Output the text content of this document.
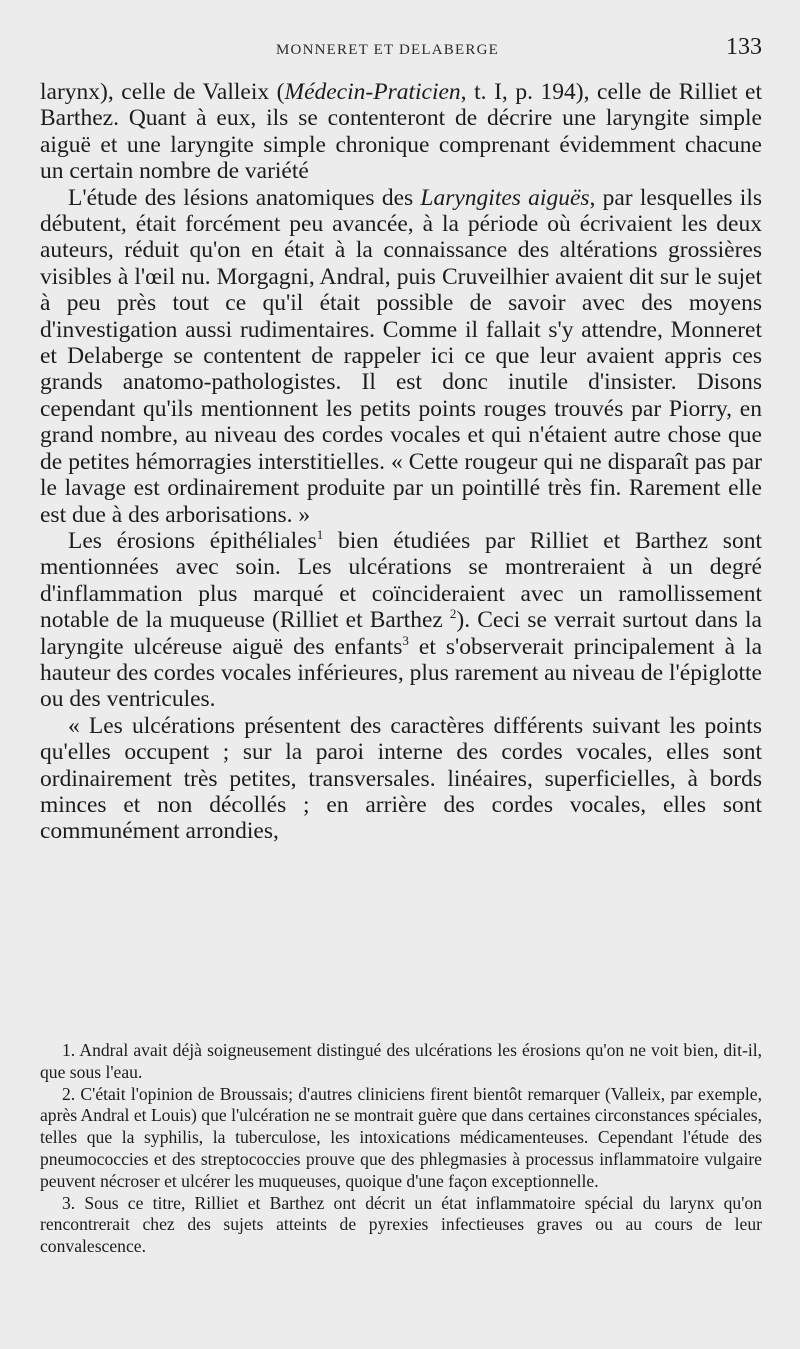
MONNERET ET DELABERGE	133

larynx), celle de Valleix (Médecin-Praticien, t. I, p. 194), celle de Rilliet et Barthez. Quant à eux, ils se contenteront de décrire une laryngite simple aiguë et une laryngite simple chronique comprenant évidemment chacune un certain nombre de variété

L'étude des lésions anatomiques des Laryngites aiguës, par lesquelles ils débutent, était forcément peu avancée, à la période où écrivaient les deux auteurs, réduit qu'on en était à la connaissance des altérations grossières visibles à l'œil nu. Morgagni, Andral, puis Cruveilhier avaient dit sur le sujet à peu près tout ce qu'il était possible de savoir avec des moyens d'investigation aussi rudimentaires. Comme il fallait s'y attendre, Monneret et Delaberge se contentent de rappeler ici ce que leur avaient appris ces grands anatomo-pathologistes. Il est donc inutile d'insister. Disons cependant qu'ils mentionnent les petits points rouges trouvés par Piorry, en grand nombre, au niveau des cordes vocales et qui n'étaient autre chose que de petites hémorragies interstitielles. « Cette rougeur qui ne disparaît pas par le lavage est ordinairement produite par un pointillé très fin. Rarement elle est due à des arborisations. »

Les érosions épithéliales$^1$ bien étudiées par Rilliet et Barthez sont mentionnées avec soin. Les ulcérations se montreraient à un degré d'inflammation plus marqué et coïncideraient avec un ramollissement notable de la muqueuse (Rilliet et Barthez $^2$). Ceci se verrait surtout dans la laryngite ulcéreuse aiguë des enfants$^3$ et s'observerait principalement à la hauteur des cordes vocales inférieures, plus rarement au niveau de l'épiglotte ou des ventricules.

« Les ulcérations présentent des caractères différents suivant les points qu'elles occupent ; sur la paroi interne des cordes vocales, elles sont ordinairement très petites, transversales. linéaires, superficielles, à bords minces et non décollés ; en arrière des cordes vocales, elles sont communément arrondies,

1. Andral avait déjà soigneusement distingué des ulcérations les érosions qu'on ne voit bien, dit-il, que sous l'eau.

2. C'était l'opinion de Broussais; d'autres cliniciens firent bientôt remarquer (Valleix, par exemple, après Andral et Louis) que l'ulcération ne se montrait guère que dans certaines circonstances spéciales, telles que la syphilis, la tuberculose, les intoxications médicamenteuses. Cependant l'étude des pneumococcies et des streptococcies prouve que des phlegmasies à processus inflammatoire vulgaire peuvent nécroser et ulcérer les muqueuses, quoique d'une façon exceptionnelle.

3. Sous ce titre, Rilliet et Barthez ont décrit un état inflammatoire spécial du larynx qu'on rencontrerait chez des sujets atteints de pyrexies infectieuses graves ou au cours de leur convalescence.
